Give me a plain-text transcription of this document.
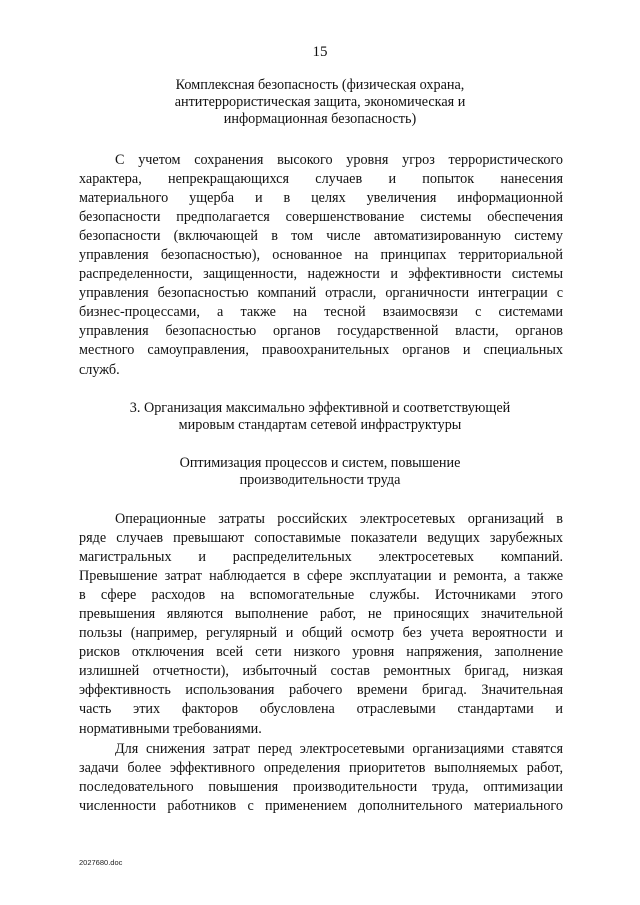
15
Комплексная безопасность (физическая охрана,
антитеррористическая защита, экономическая и
информационная безопасность)
С учетом сохранения высокого уровня угроз террористического
характера, непрекращающихся случаев и попыток нанесения
материального ущерба и в целях увеличения информационной
безопасности предполагается совершенствование системы обеспечения
безопасности (включающей в том числе автоматизированную систему
управления безопасностью), основанное на принципах территориальной
распределенности, защищенности, надежности и эффективности системы
управления безопасностью компаний отрасли, органичности интеграции с
бизнес-процессами, а также на тесной взаимосвязи с системами
управления безопасностью органов государственной власти, органов
местного самоуправления, правоохранительных органов и специальных
служб.
3. Организация максимально эффективной и соответствующей
мировым стандартам сетевой инфраструктуры
Оптимизация процессов и систем, повышение
производительности труда
Операционные затраты российских электросетевых организаций в
ряде случаев превышают сопоставимые показатели ведущих зарубежных
магистральных и распределительных электросетевых компаний.
Превышение затрат наблюдается в сфере эксплуатации и ремонта, а также
в сфере расходов на вспомогательные службы. Источниками этого
превышения являются выполнение работ, не приносящих значительной
пользы (например, регулярный и общий осмотр без учета вероятности и
рисков отключения всей сети низкого уровня напряжения, заполнение
излишней отчетности), избыточный состав ремонтных бригад, низкая
эффективность использования рабочего времени бригад. Значительная
часть этих факторов обусловлена отраслевыми стандартами и
нормативными требованиями.
Для снижения затрат перед электросетевыми организациями ставятся
задачи более эффективного определения приоритетов выполняемых работ,
последовательного повышения производительности труда, оптимизации
численности работников с применением дополнительного материального
2027680.doc
